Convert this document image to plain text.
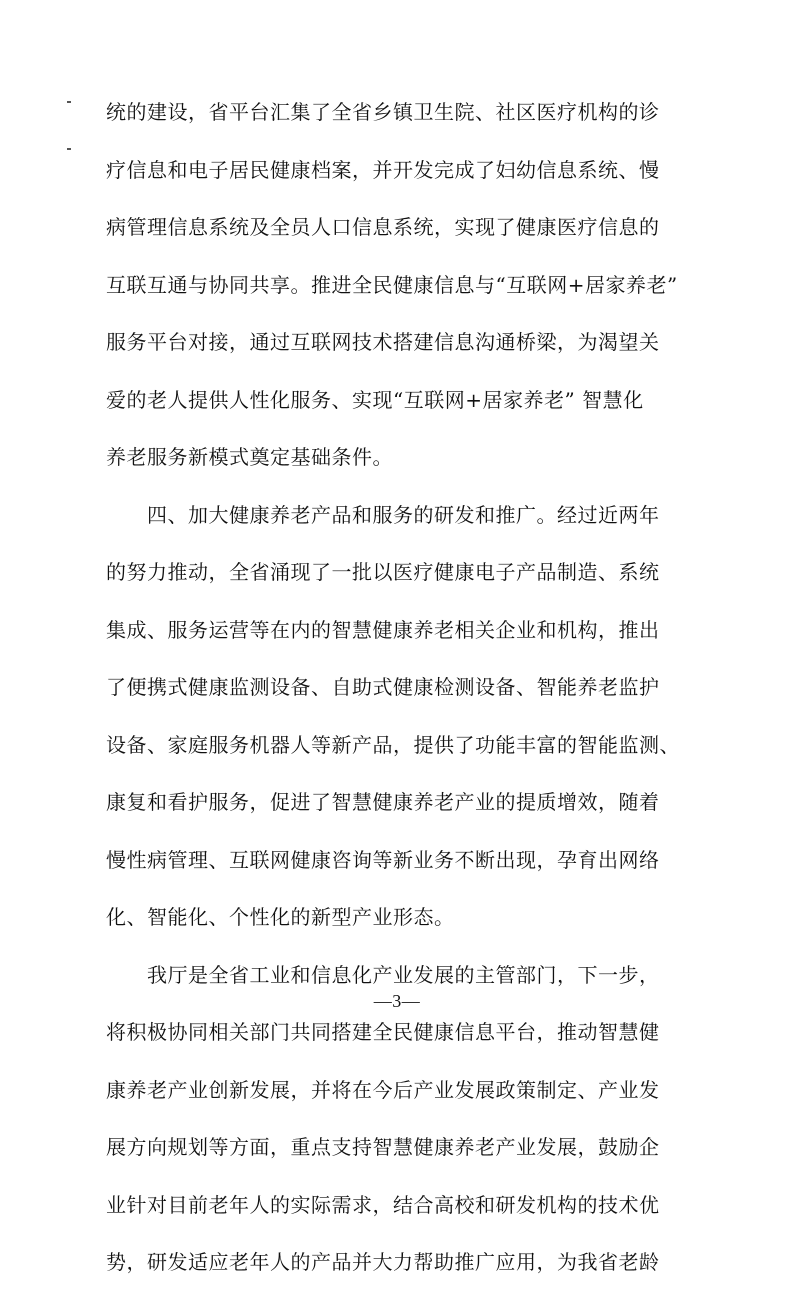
统的建设，省平台汇集了全省乡镇卫生院、社区医疗机构的诊
疗信息和电子居民健康档案，并开发完成了妇幼信息系统、慢
病管理信息系统及全员人口信息系统，实现了健康医疗信息的
互联互通与协同共享。推进全民健康信息与“互联网+居家养老”
服务平台对接，通过互联网技术搭建信息沟通桥梁，为渴望关
爱的老人提供人性化服务、实现“互联网+居家养老” 智慧化
养老服务新模式奠定基础条件。
　　四、加大健康养老产品和服务的研发和推广。经过近两年
的努力推动，全省涌现了一批以医疗健康电子产品制造、系统
集成、服务运营等在内的智慧健康养老相关企业和机构，推出
了便携式健康监测设备、自助式健康检测设备、智能养老监护
设备、家庭服务机器人等新产品，提供了功能丰富的智能监测、
康复和看护服务，促进了智慧健康养老产业的提质增效，随着
慢性病管理、互联网健康咨询等新业务不断出现，孕育出网络
化、智能化、个性化的新型产业形态。
　　我厅是全省工业和信息化产业发展的主管部门，下一步，
将积极协同相关部门共同搭建全民健康信息平台，推动智慧健
康养老产业创新发展，并将在今后产业发展政策制定、产业发
展方向规划等方面，重点支持智慧健康养老产业发展，鼓励企
业针对目前老年人的实际需求，结合高校和研发机构的技术优
势，研发适应老年人的产品并大力帮助推广应用，为我省老龄
—3—
